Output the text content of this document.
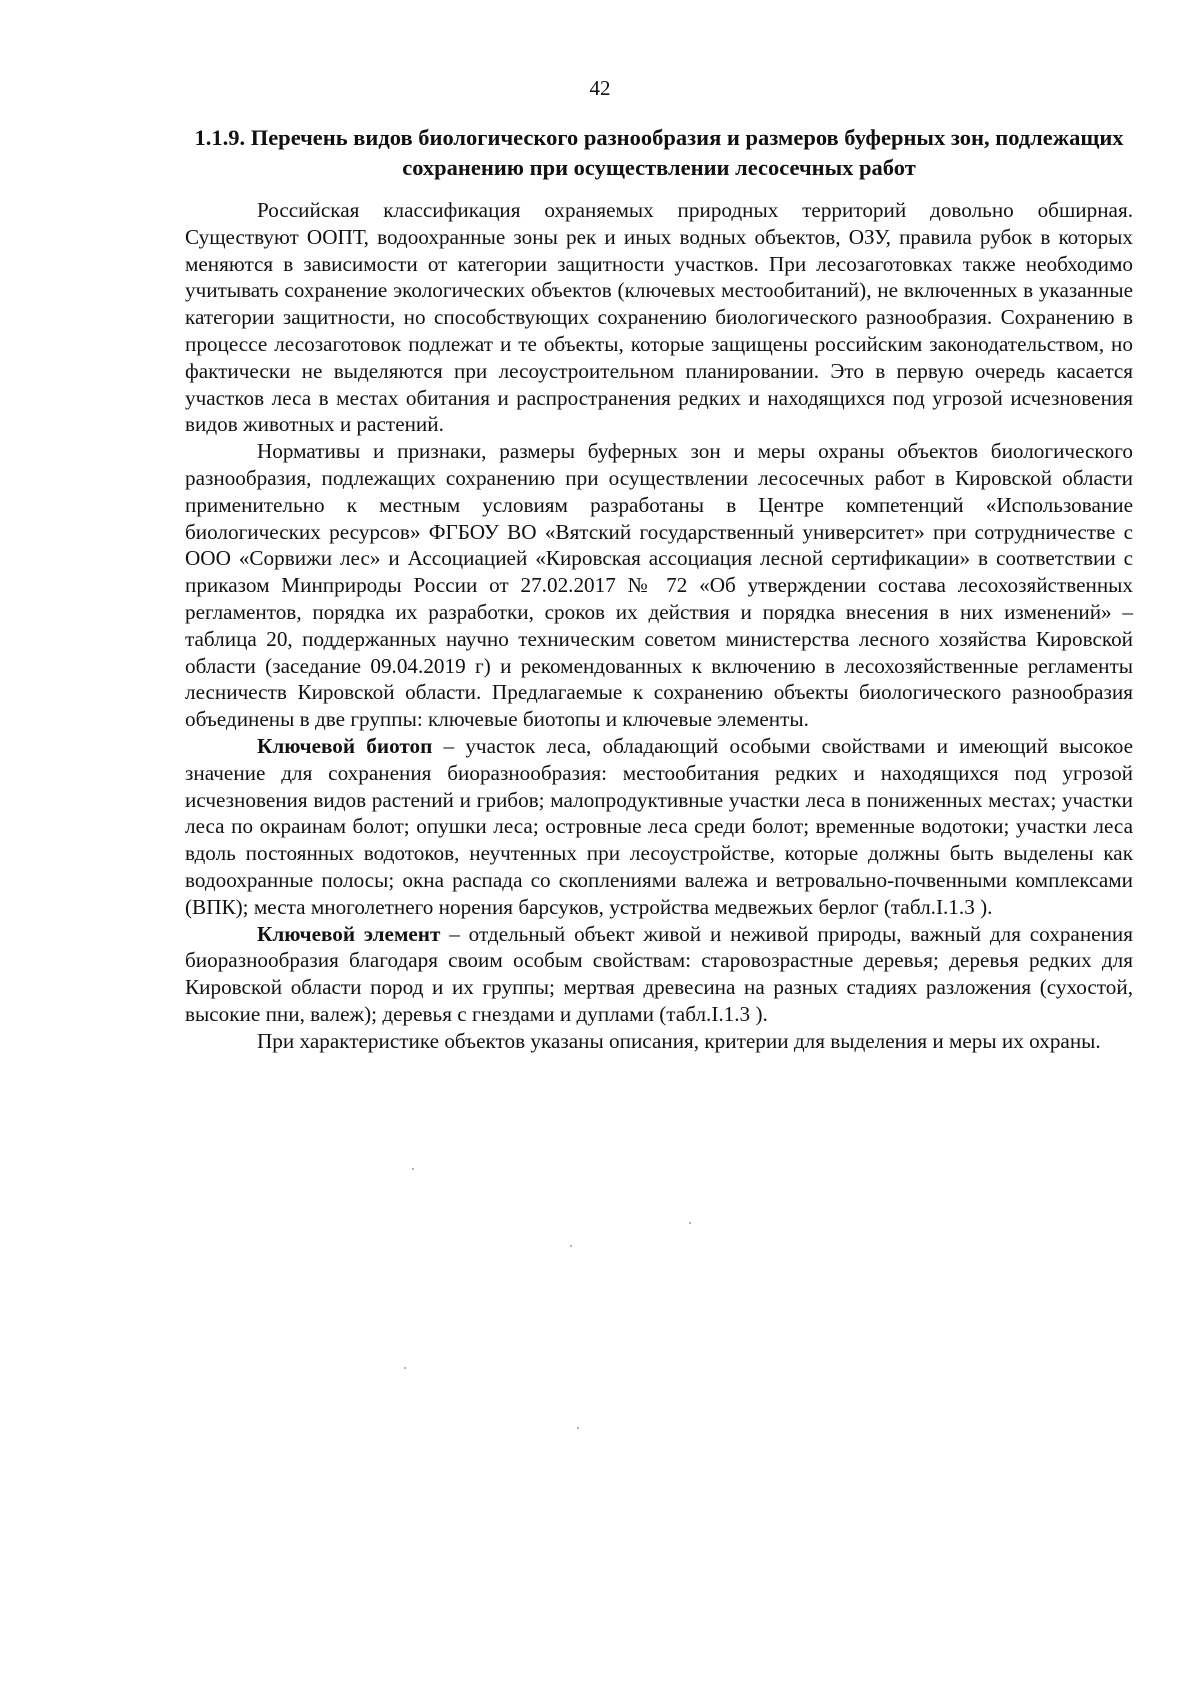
42
1.1.9. Перечень видов биологического разнообразия и размеров буферных зон, подлежащих сохранению при осуществлении лесосечных работ

Российская классификация охраняемых природных территорий довольно обширная. Существуют ООПТ, водоохранные зоны рек и иных водных объектов, ОЗУ, правила рубок в которых меняются в зависимости от категории защитности участков. При лесозаготовках также необходимо учитывать сохранение экологических объектов (ключевых местообитаний), не включенных в указанные категории защитности, но способствующих сохранению биологического разнообразия. Сохранению в процессе лесозаготовок подлежат и те объекты, которые защищены российским законодательством, но фактически не выделяются при лесоустроительном планировании. Это в первую очередь касается участков леса в местах обитания и распространения редких и находящихся под угрозой исчезновения видов животных и растений.

Нормативы и признаки, размеры буферных зон и меры охраны объектов биологического разнообразия, подлежащих сохранению при осуществлении лесосечных работ в Кировской области применительно к местным условиям разработаны в Центре компетенций «Использование биологических ресурсов» ФГБОУ ВО «Вятский государственный университет» при сотрудничестве с ООО «Сорвижи лес» и Ассоциацией «Кировская ассоциация лесной сертификации» в соответствии с приказом Минприроды России от 27.02.2017 № 72 «Об утверждении состава лесохозяйственных регламентов, порядка их разработки, сроков их действия и порядка внесения в них изменений» – таблица 20, поддержанных научно техническим советом министерства лесного хозяйства Кировской области (заседание 09.04.2019 г) и рекомендованных к включению в лесохозяйственные регламенты лесничеств Кировской области. Предлагаемые к сохранению объекты биологического разнообразия объединены в две группы: ключевые биотопы и ключевые элементы.

Ключевой биотоп – участок леса, обладающий особыми свойствами и имеющий высокое значение для сохранения биоразнообразия: местообитания редких и находящихся под угрозой исчезновения видов растений и грибов; малопродуктивные участки леса в пониженных местах; участки леса по окраинам болот; опушки леса; островные леса среди болот; временные водотоки; участки леса вдоль постоянных водотоков, неучтенных при лесоустройстве, которые должны быть выделены как водоохранные полосы; окна распада со скоплениями валежа и ветровально-почвенными комплексами (ВПК); места многолетнего норения барсуков, устройства медвежьих берлог (табл.I.1.3 ).

Ключевой элемент – отдельный объект живой и неживой природы, важный для сохранения биоразнообразия благодаря своим особым свойствам: старовозрастные деревья; деревья редких для Кировской области пород и их группы; мертвая древесина на разных стадиях разложения (сухостой, высокие пни, валеж); деревья с гнездами и дуплами (табл.I.1.3 ).

При характеристике объектов указаны описания, критерии для выделения и меры их охраны.
